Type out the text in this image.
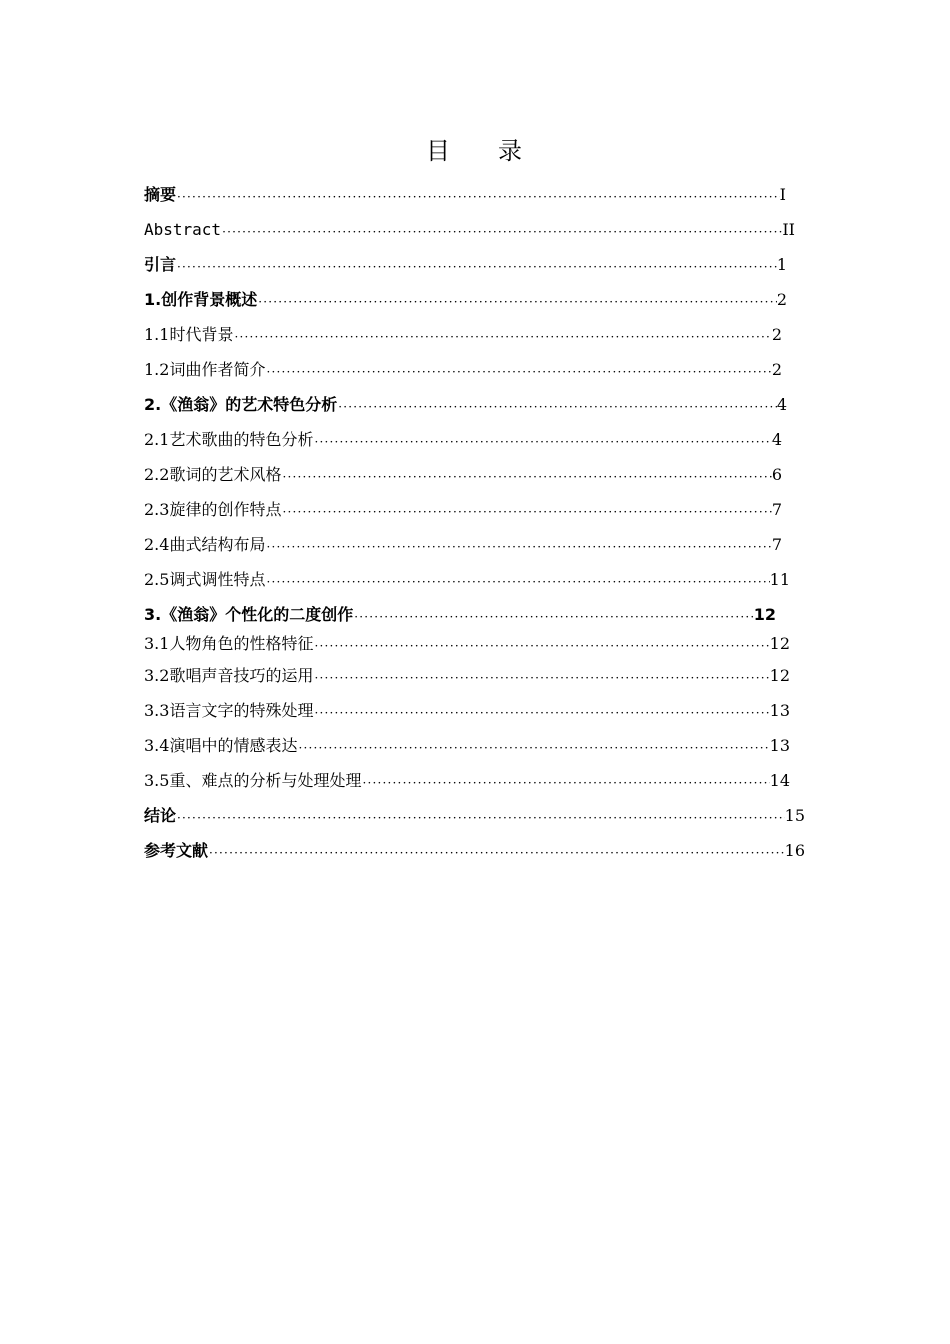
目 录
摘要 ·····	I
Abstract ·····	II
引言 ·····	1
1.创作背景概述 ·····	2
1.1时代背景 ·····	2
1.2词曲作者简介 ·····	2
2.《渔翁》的艺术特色分析 ·····	4
2.1艺术歌曲的特色分析 ·····	4
2.2歌词的艺术风格 ·····	6
2.3旋律的创作特点 ·····	7
2.4曲式结构布局 ·····	7
2.5调式调性特点 ·····	11
3.《渔翁》个性化的二度创作 ·····	12
3.1人物角色的性格特征 ·····	12
3.2歌唱声音技巧的运用 ·····	12
3.3语言文字的特殊处理 ·····	13
3.4演唱中的情感表达 ·····	13
3.5重、难点的分析与处理处理 ·····	14
结论 ·····	15
参考文献 ·····	16
